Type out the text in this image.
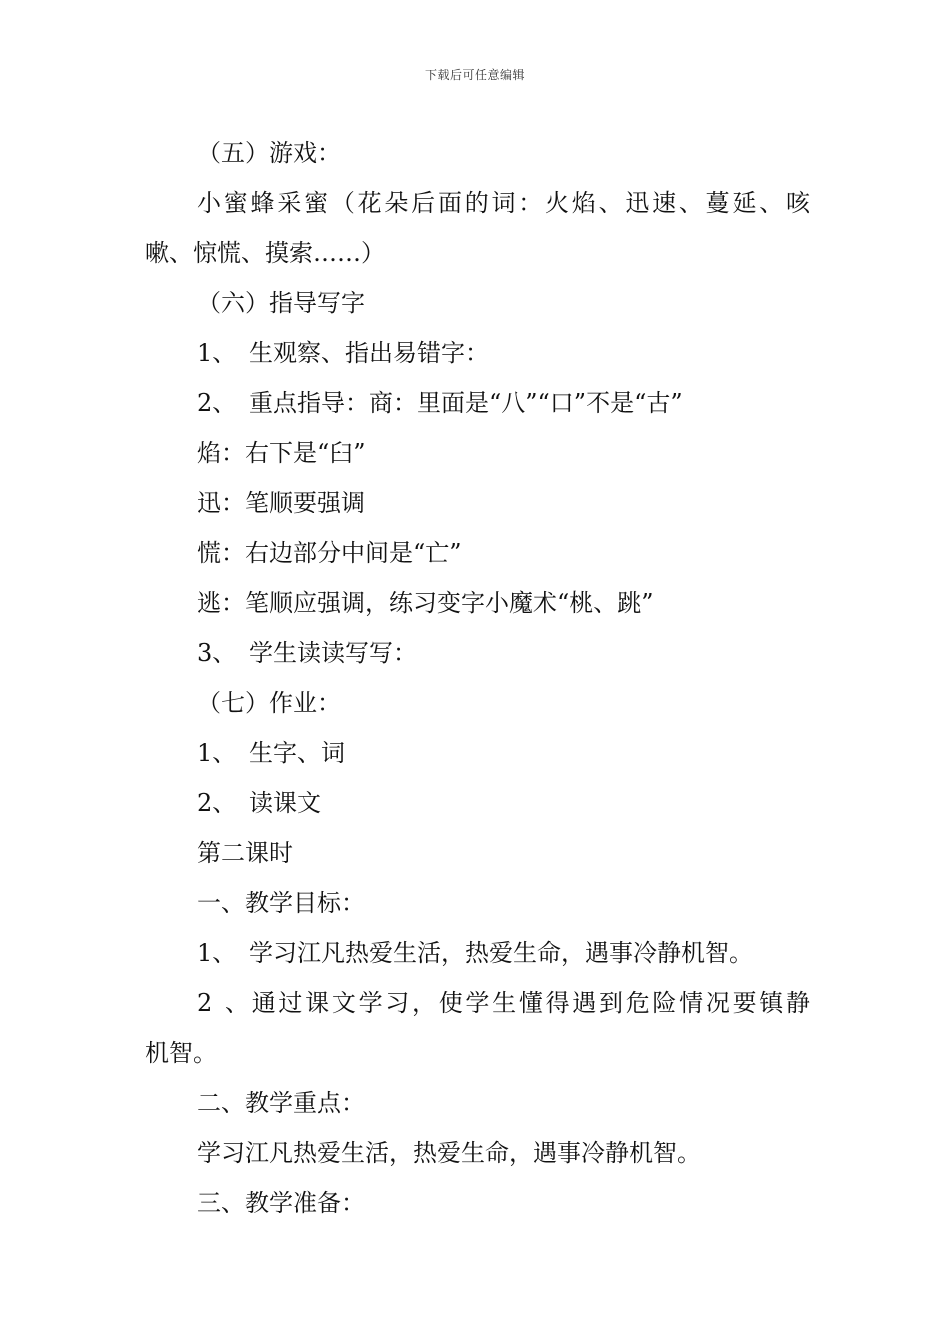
下载后可任意编辑
（五）游戏：
小蜜蜂采蜜（花朵后面的词：火焰、迅速、蔓延、咳
嗽、惊慌、摸索……）
（六）指导写字
1、 生观察、指出易错字：
2、 重点指导：商：里面是“八”“口”不是“古”
焰：右下是“臼”
迅：笔顺要强调
慌：右边部分中间是“亡”
逃：笔顺应强调，练习变字小魔术“桃、跳”
3、 学生读读写写：
（七）作业：
1、 生字、词
2、 读课文
第二课时
一、教学目标：
1、 学习江凡热爱生活，热爱生命，遇事冷静机智。
2、通过课文学习，使学生懂得遇到危险情况要镇静
机智。
二、教学重点：
学习江凡热爱生活，热爱生命，遇事冷静机智。
三、教学准备：
